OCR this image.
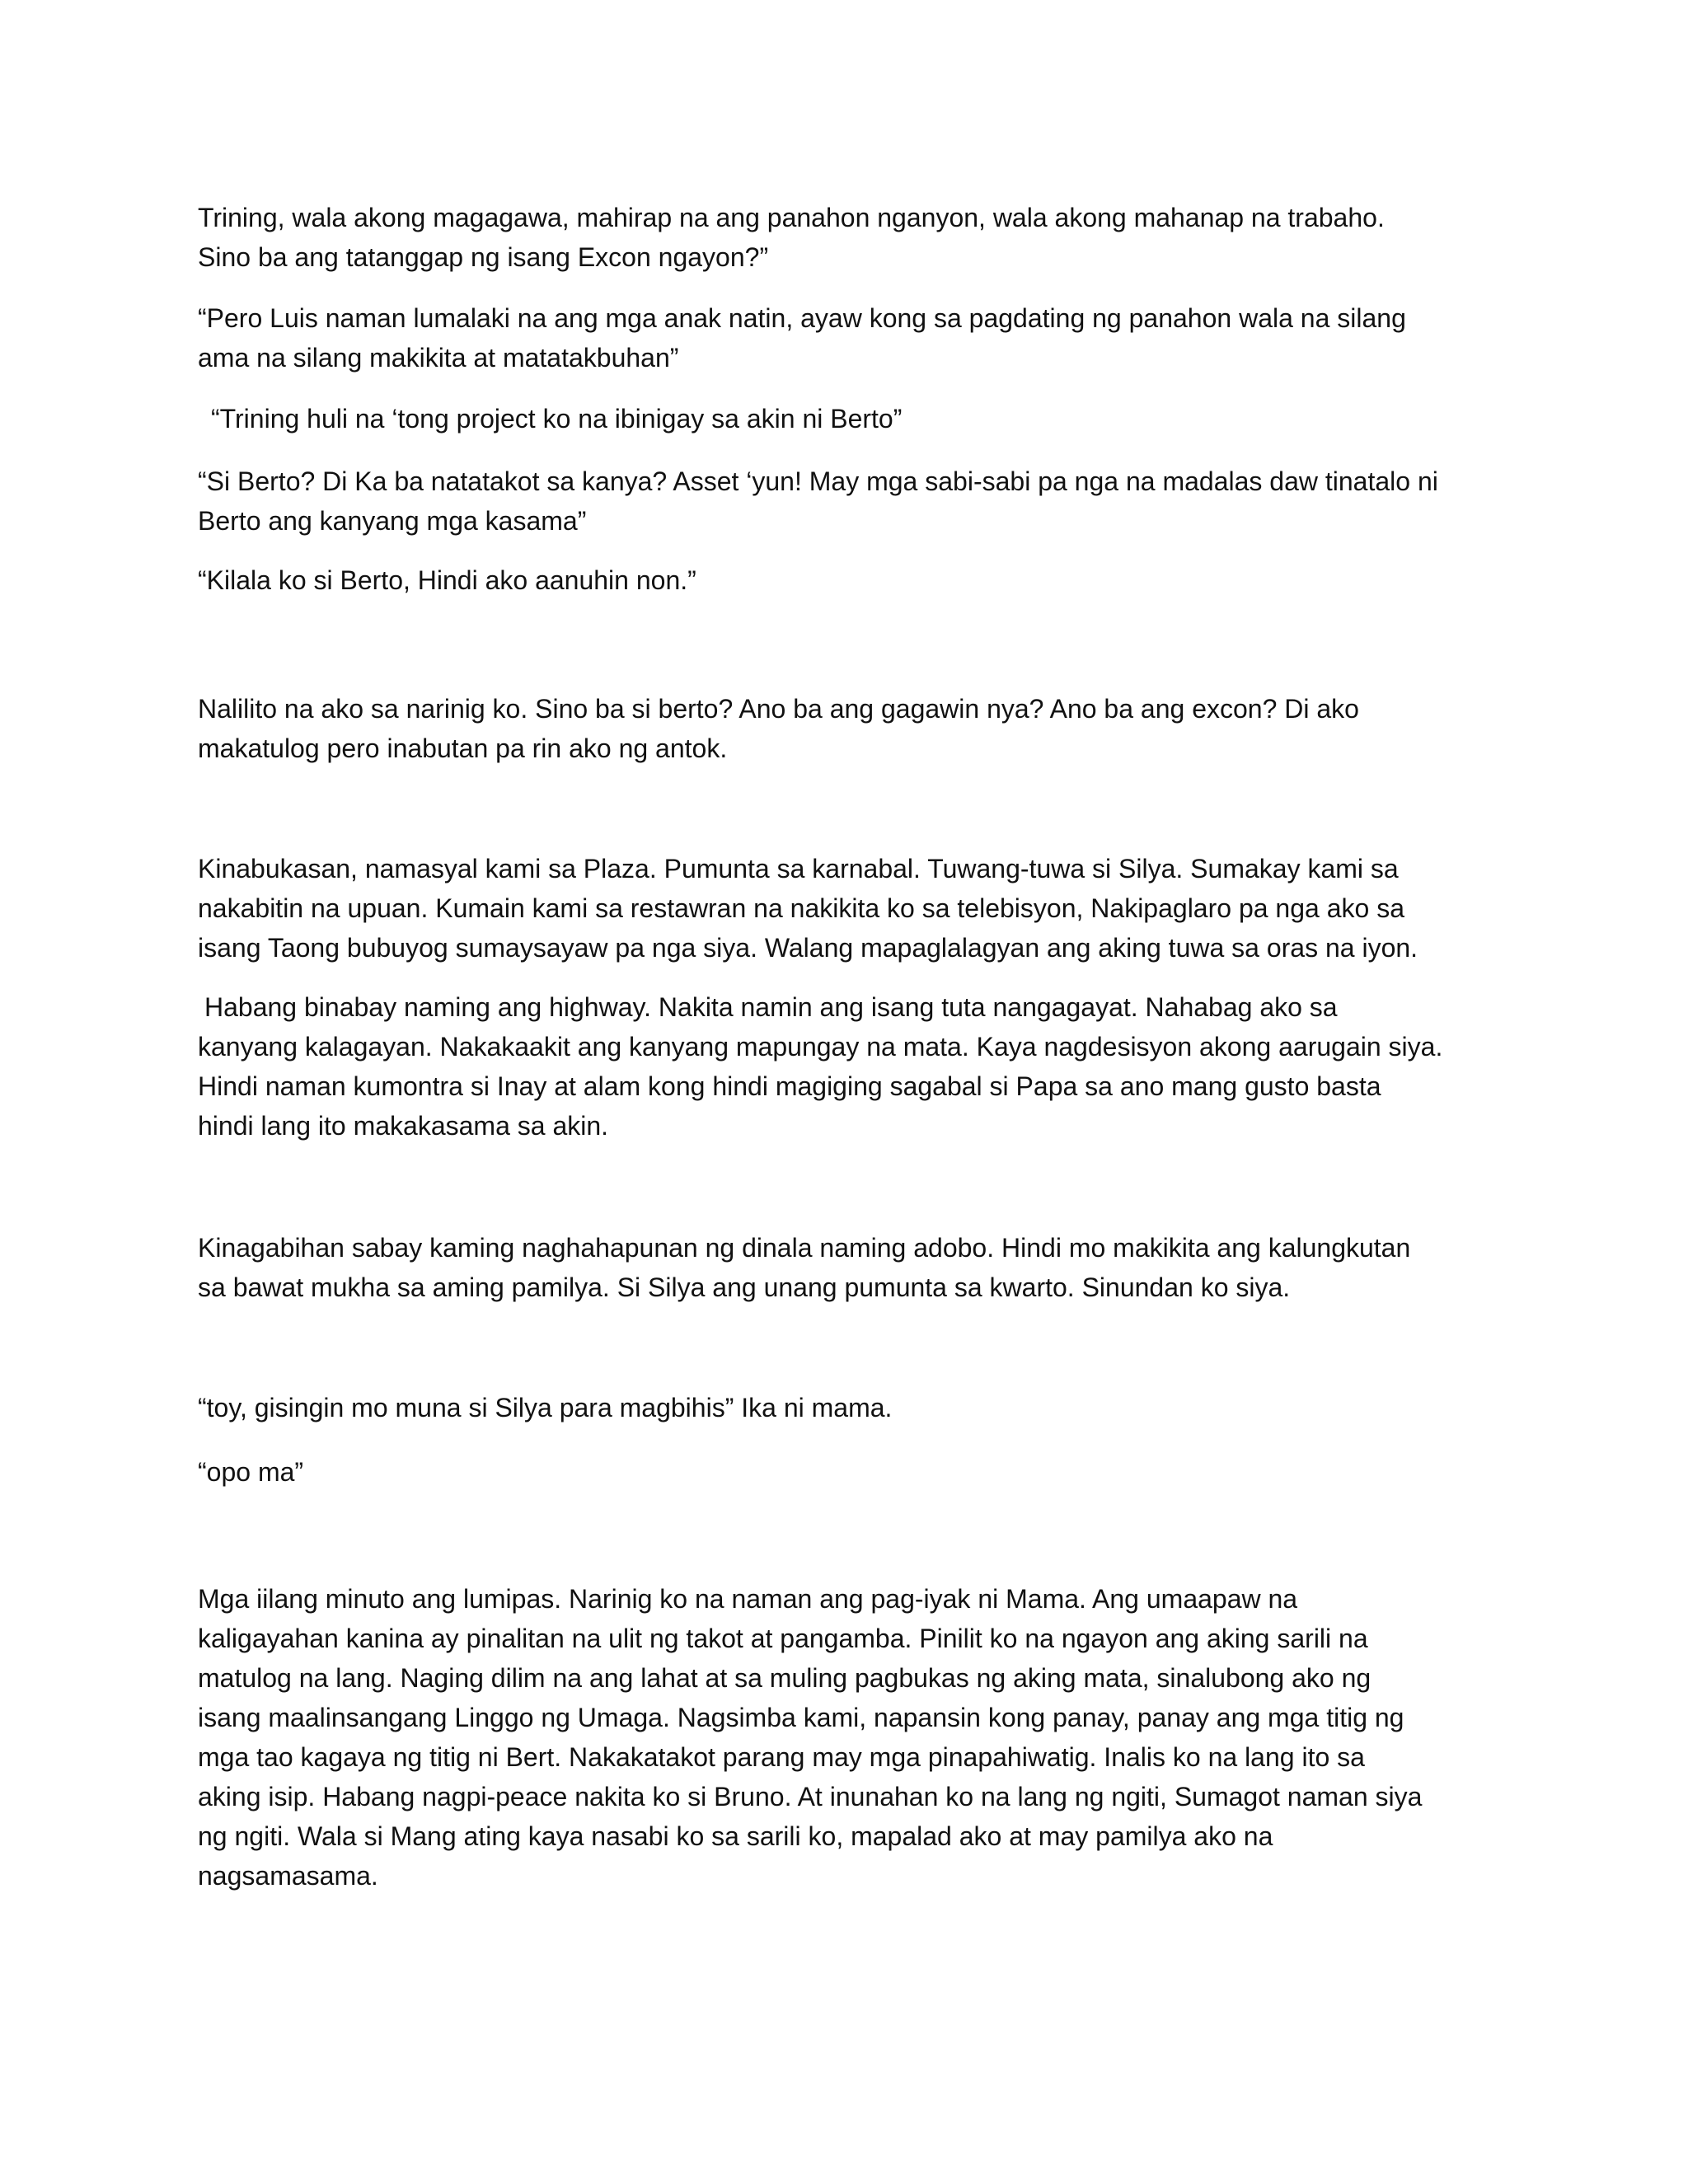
Trining, wala akong magagawa, mahirap na ang panahon nganyon, wala akong mahanap na trabaho.
Sino ba ang tatanggap ng isang Excon ngayon?”

“Pero Luis naman lumalaki na ang mga anak natin, ayaw kong sa pagdating ng panahon wala na silang
ama na silang makikita at matatakbuhan”

“Trining huli na ‘tong project ko na ibinigay sa akin ni Berto”

“Si Berto? Di Ka ba natatakot sa kanya? Asset ‘yun! May mga sabi-sabi pa nga na madalas daw tinatalo ni
Berto ang kanyang mga kasama”

“Kilala ko si Berto, Hindi ako aanuhin non.”

Nalilito na ako sa narinig ko. Sino ba si berto? Ano ba ang gagawin nya? Ano ba ang excon? Di ako
makatulog pero inabutan pa rin ako ng antok.

Kinabukasan, namasyal kami sa Plaza. Pumunta sa karnabal. Tuwang-tuwa si Silya. Sumakay kami sa
nakabitin na upuan. Kumain kami sa restawran na nakikita ko sa telebisyon, Nakipaglaro pa nga ako sa
isang Taong bubuyog sumaysayaw pa nga siya. Walang mapaglalagyan ang aking tuwa sa oras na iyon.

Habang binabay naming ang highway. Nakita namin ang isang tuta nangagayat. Nahabag ako sa
kanyang kalagayan. Nakakaakit ang kanyang mapungay na mata. Kaya nagdesisyon akong aarugain siya.
Hindi naman kumontra si Inay at alam kong hindi magiging sagabal si Papa sa ano mang gusto basta
hindi lang ito makakasama sa akin.

Kinagabihan sabay kaming naghahapunan ng dinala naming adobo. Hindi mo makikita ang kalungkutan
sa bawat mukha sa aming pamilya. Si Silya ang unang pumunta sa kwarto. Sinundan ko siya.

“toy, gisingin mo muna si Silya para magbihis” Ika ni mama.

“opo ma”

Mga iilang minuto ang lumipas. Narinig ko na naman ang pag-iyak ni Mama. Ang umaapaw na
kaligayahan kanina ay pinalitan na ulit ng takot at pangamba. Pinilit ko na ngayon ang aking sarili na
matulog na lang. Naging dilim na ang lahat at sa muling pagbukas ng aking mata, sinalubong ako ng
isang maalinsangang Linggo ng Umaga. Nagsimba kami, napansin kong panay, panay ang mga titig ng
mga tao kagaya ng titig ni Bert. Nakakatakot parang may mga pinapahiwatig. Inalis ko na lang ito sa
aking isip. Habang nagpi-peace nakita ko si Bruno. At inunahan ko na lang ng ngiti, Sumagot naman siya
ng ngiti. Wala si Mang ating kaya nasabi ko sa sarili ko, mapalad ako at may pamilya ako na
nagsamasama.
